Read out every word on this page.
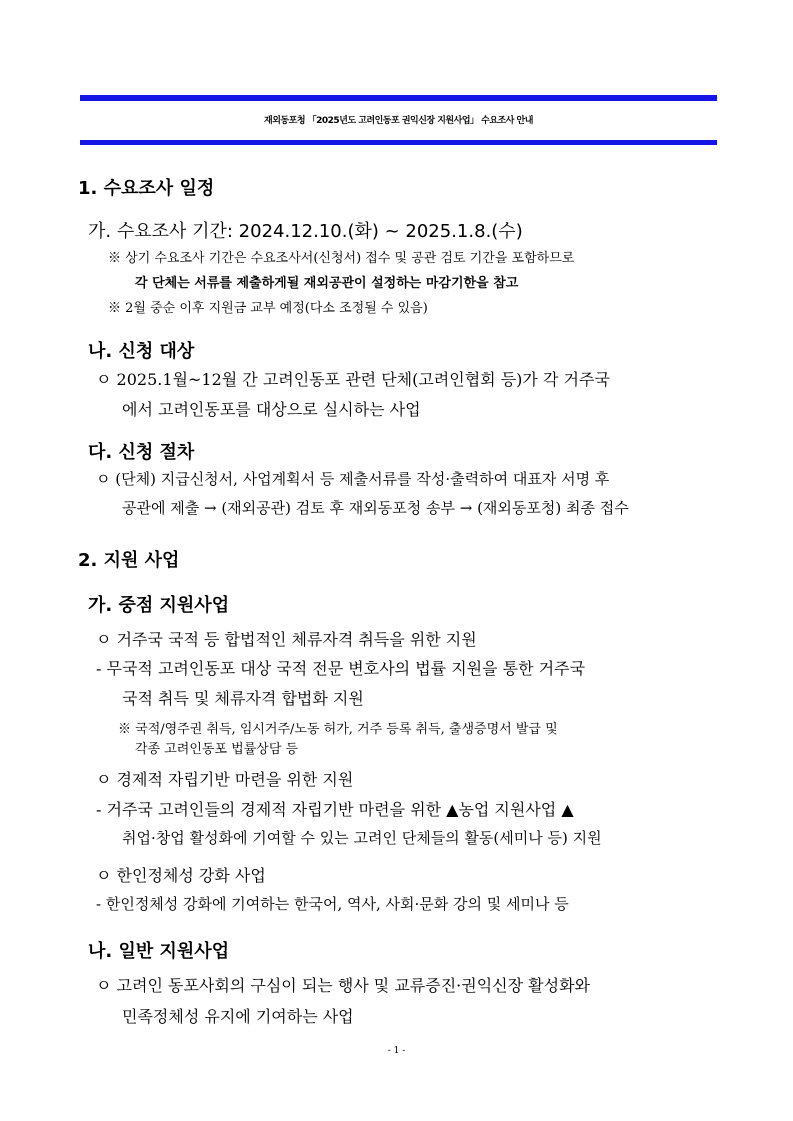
재외동포청 「2025년도 고려인동포 권익신장 지원사업」 수요조사 안내
1. 수요조사 일정
가. 수요조사 기간: 2024.12.10.(화) ~ 2025.1.8.(수)
※ 상기 수요조사 기간은 수요조사서(신청서) 접수 및 공관 검토 기간을 포함하므로
각 단체는 서류를 제출하게될 재외공관이 설정하는 마감기한을 참고
※ 2월 중순 이후 지원금 교부 예정(다소 조정될 수 있음)
나. 신청 대상
ㅇ 2025.1월~12월 간 고려인동포 관련 단체(고려인협회 등)가 각 거주국
에서 고려인동포를 대상으로 실시하는 사업
다. 신청 절차
ㅇ (단체) 지급신청서, 사업계획서 등 제출서류를 작성·출력하여 대표자 서명 후
공관에 제출 → (재외공관) 검토 후 재외동포청 송부 → (재외동포청) 최종 접수
2. 지원 사업
가. 중점 지원사업
ㅇ 거주국 국적 등 합법적인 체류자격 취득을 위한 지원
- 무국적 고려인동포 대상 국적 전문 변호사의 법률 지원을 통한 거주국
국적 취득 및 체류자격 합법화 지원
※ 국적/영주권 취득, 임시거주/노동 허가, 거주 등록 취득, 출생증명서 발급 및
각종 고려인동포 법률상담 등
ㅇ 경제적 자립기반 마련을 위한 지원
- 거주국 고려인들의 경제적 자립기반 마련을 위한 ▲농업 지원사업 ▲
취업·창업 활성화에 기여할 수 있는 고려인 단체들의 활동(세미나 등) 지원
ㅇ 한인정체성 강화 사업
- 한인정체성 강화에 기여하는 한국어, 역사, 사회·문화 강의 및 세미나 등
나. 일반 지원사업
ㅇ 고려인 동포사회의 구심이 되는 행사 및 교류증진·권익신장 활성화와
민족정체성 유지에 기여하는 사업
- 1 -
